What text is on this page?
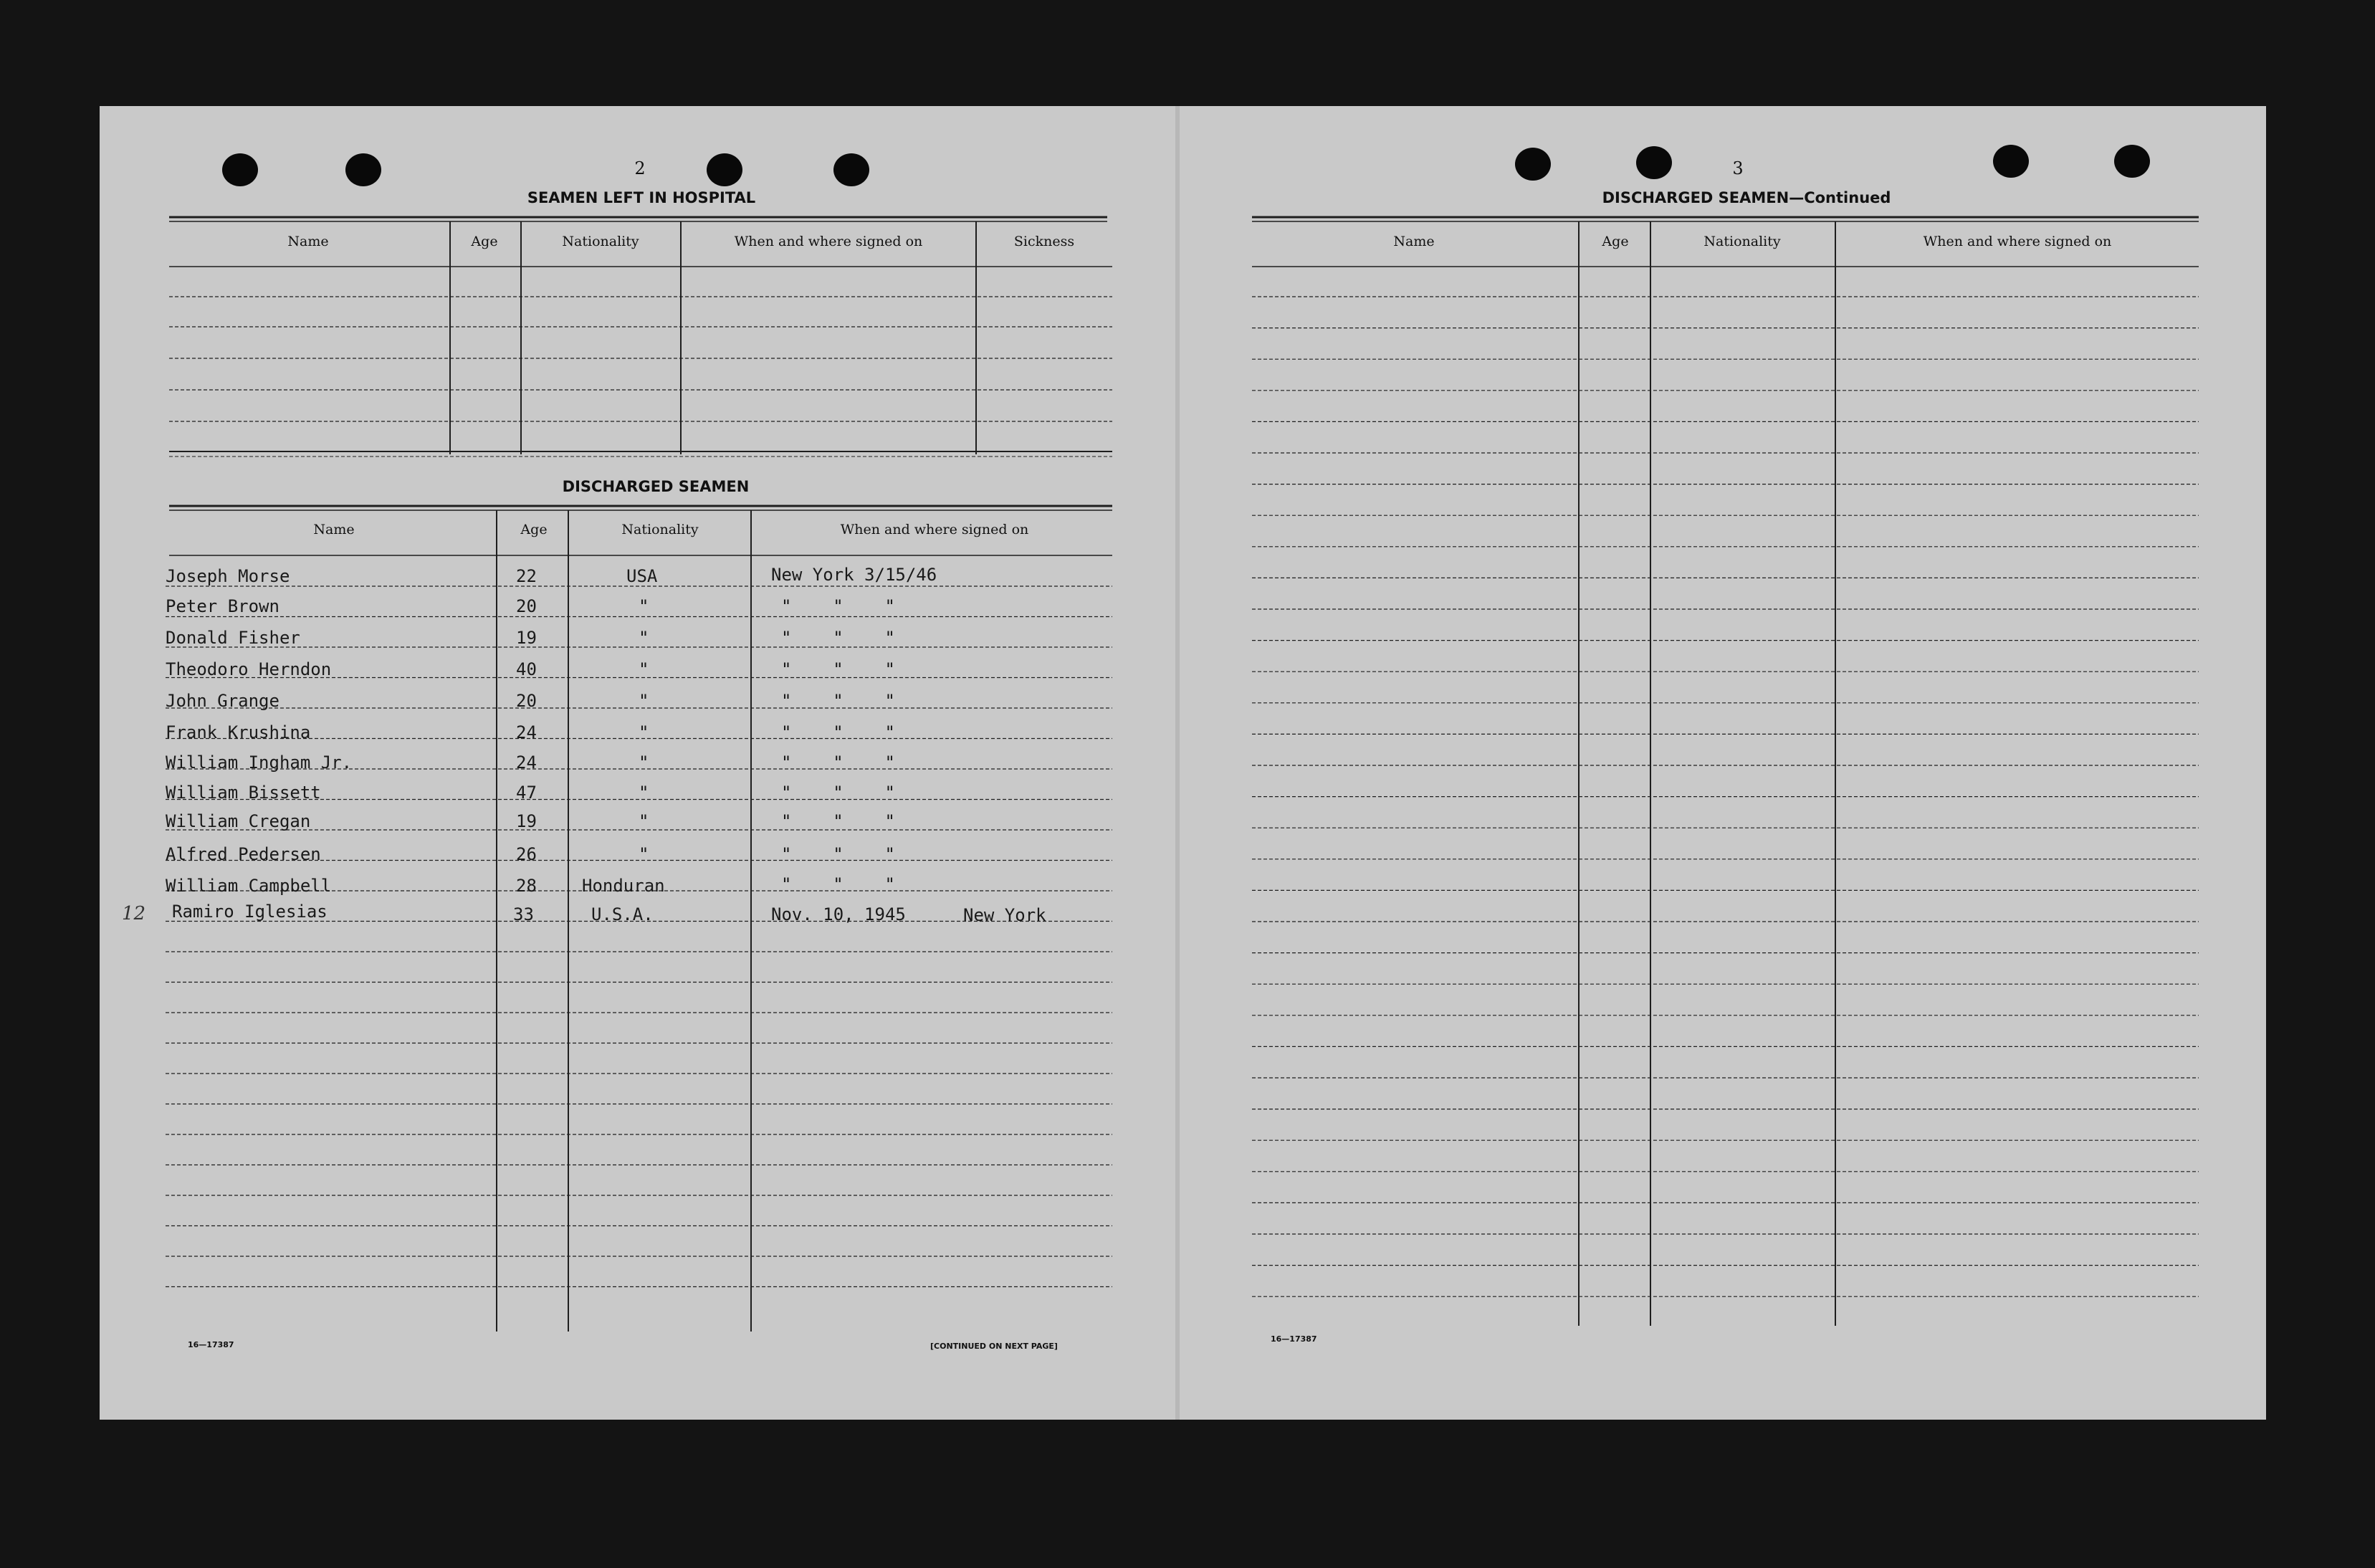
2
SEAMEN LEFT IN HOSPITAL
Name	Age	Nationality	When and where signed on	Sickness
DISCHARGED SEAMEN
Name	Age	Nationality	When and where signed on
Joseph Morse	22	USA	New York 3/15/46
Peter Brown	20	"	"    "    "
Donald Fisher	19	"	"    "    "
Theodoro Herndon	40	"	"    "    "
John Grange	20	"	"    "    "
Frank Krushina	24	"	"    "    "
William Ingham Jr.	24	"	"    "    "
William Bissett	47	"	"    "    "
William Cregan	19	"	"    "    "
Alfred Pedersen	26	"	"    "    "
William Campbell	28	Honduran	"    "    "
12 Ramiro Iglesias	33	U.S.A.	Nov. 10, 1945	New York
16—17387	[CONTINUED ON NEXT PAGE]
3
DISCHARGED SEAMEN—Continued
Name	Age	Nationality	When and where signed on
16—17387
